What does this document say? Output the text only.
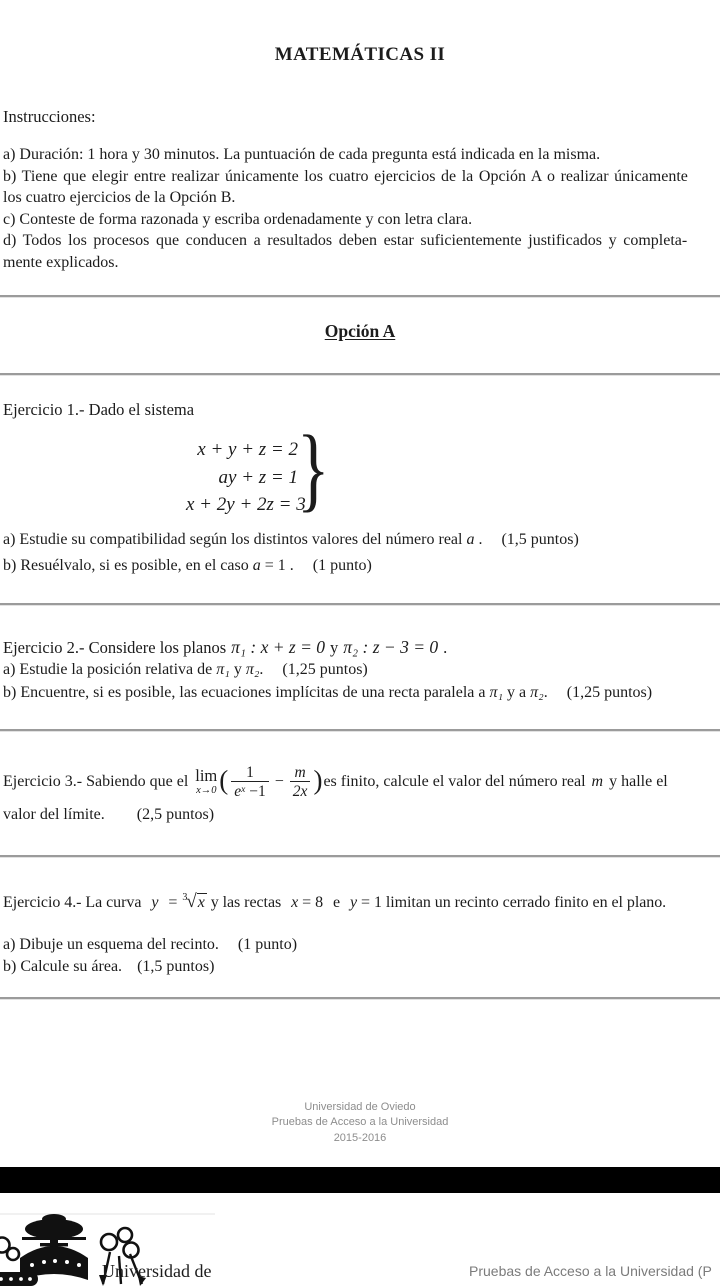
MATEMÁTICAS II
Instrucciones:
a) Duración: 1 hora y 30 minutos. La puntuación de cada pregunta está indicada en la misma.
b) Tiene que elegir entre realizar únicamente los cuatro ejercicios de la Opción A o realizar únicamente
los cuatro ejercicios de la Opción B.
c) Conteste de forma razonada y escriba ordenadamente y con letra clara.
d) Todos los procesos que conducen a resultados deben estar suficientemente justificados y completa-
mente explicados.
Opción A
Ejercicio 1.- Dado el sistema
x + y + z = 2
ay + z = 1
x + 2y + 2z = 3
}
a) Estudie su compatibilidad según los distintos valores del número real a . (1,5 puntos)
b) Resuélvalo, si es posible, en el caso a = 1 . (1 punto)
Ejercicio 2.- Considere los planos π₁ : x + z = 0 y π₂ : z − 3 = 0 .
a) Estudie la posición relativa de π₁ y π₂. (1,25 puntos)
b) Encuentre, si es posible, las ecuaciones implícitas de una recta paralela a π₁ y a π₂. (1,25 puntos)
Ejercicio 3.- Sabiendo que el lim
x→0 ( $\frac{1}{e^x -1} - \frac{m}{2x}$ ) es finito, calcule el valor del número real m y halle el
valor del límite. (2,5 puntos)
Ejercicio 4.- La curva y = $^3$√x y las rectas x = 8 e y = 1 limitan un recinto cerrado finito en el plano.
a) Dibuje un esquema del recinto. (1 punto)
b) Calcule su área. (1,5 puntos)
Universidad de Oviedo
Pruebas de Acceso a la Universidad
2015-2016
Universidad de	Pruebas de Acceso a la Universidad (P
